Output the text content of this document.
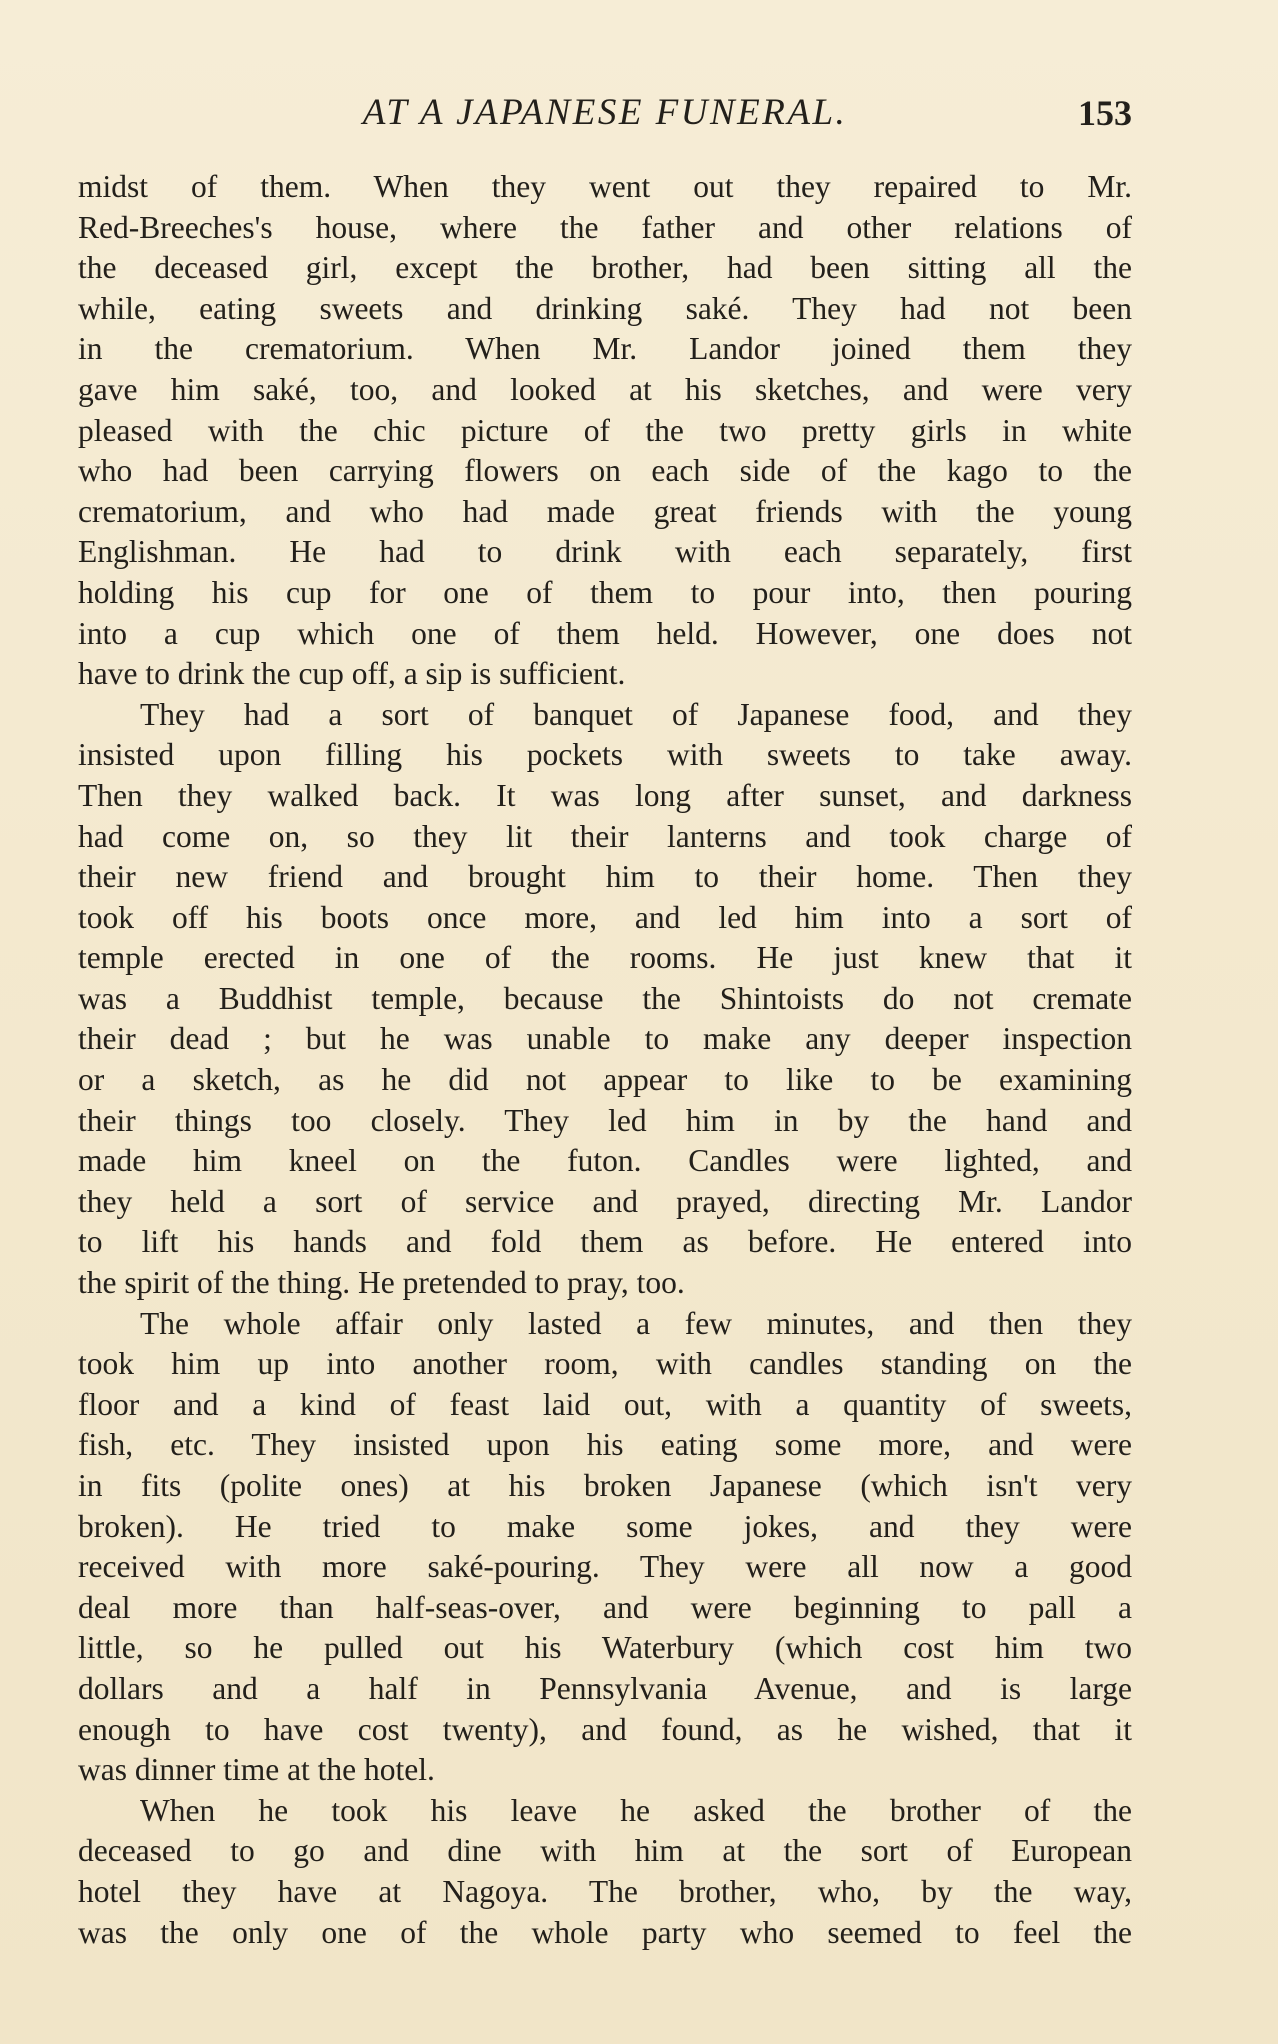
AT A JAPANESE FUNERAL.	153
midst of them. When they went out they repaired to Mr.
Red-Breeches's house, where the father and other relations of
the deceased girl, except the brother, had been sitting all the
while, eating sweets and drinking saké. They had not been
in the crematorium. When Mr. Landor joined them they
gave him saké, too, and looked at his sketches, and were very
pleased with the chic picture of the two pretty girls in white
who had been carrying flowers on each side of the kago to the
crematorium, and who had made great friends with the young
Englishman. He had to drink with each separately, first
holding his cup for one of them to pour into, then pouring
into a cup which one of them held. However, one does not
have to drink the cup off, a sip is sufficient.
They had a sort of banquet of Japanese food, and they
insisted upon filling his pockets with sweets to take away.
Then they walked back. It was long after sunset, and darkness
had come on, so they lit their lanterns and took charge of
their new friend and brought him to their home. Then they
took off his boots once more, and led him into a sort of
temple erected in one of the rooms. He just knew that it
was a Buddhist temple, because the Shintoists do not cremate
their dead ; but he was unable to make any deeper inspection
or a sketch, as he did not appear to like to be examining
their things too closely. They led him in by the hand and
made him kneel on the futon. Candles were lighted, and
they held a sort of service and prayed, directing Mr. Landor
to lift his hands and fold them as before. He entered into
the spirit of the thing. He pretended to pray, too.
The whole affair only lasted a few minutes, and then they
took him up into another room, with candles standing on the
floor and a kind of feast laid out, with a quantity of sweets,
fish, etc. They insisted upon his eating some more, and were
in fits (polite ones) at his broken Japanese (which isn't very
broken). He tried to make some jokes, and they were
received with more saké-pouring. They were all now a good
deal more than half-seas-over, and were beginning to pall a
little, so he pulled out his Waterbury (which cost him two
dollars and a half in Pennsylvania Avenue, and is large
enough to have cost twenty), and found, as he wished, that it
was dinner time at the hotel.
When he took his leave he asked the brother of the
deceased to go and dine with him at the sort of European
hotel they have at Nagoya. The brother, who, by the way,
was the only one of the whole party who seemed to feel the
